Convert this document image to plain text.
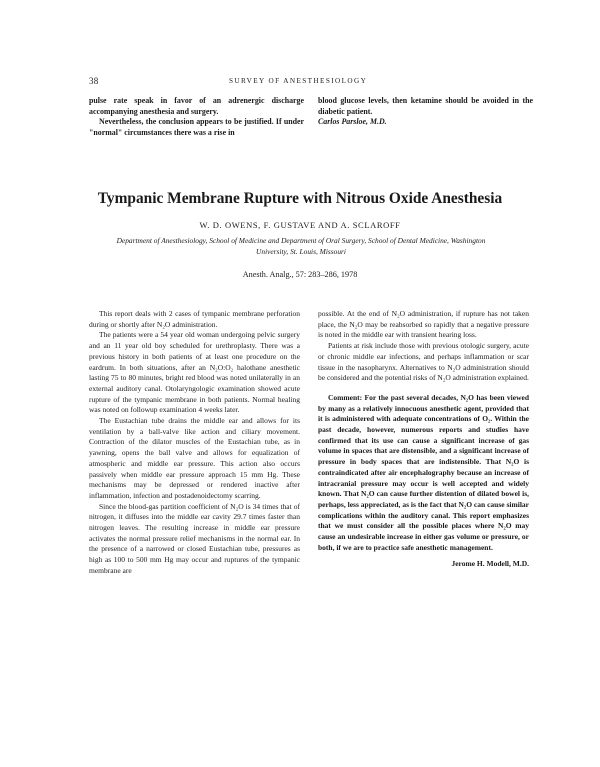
38	SURVEY OF ANESTHESIOLOGY

pulse rate speak in favor of an adrenergic discharge accompanying anesthesia and surgery.

Nevertheless, the conclusion appears to be justified. If under "normal" circumstances there was a rise in

blood glucose levels, then ketamine should be avoided in the diabetic patient.

Carlos Parsloe, M.D.

Tympanic Membrane Rupture with Nitrous Oxide Anesthesia
W. D. OWENS, F. GUSTAVE AND A. SCLAROFF
Department of Anesthesiology, School of Medicine and Department of Oral Surgery, School of Dental Medicine, Washington University, St. Louis, Missouri
Anesth. Analg., 57: 283–286, 1978

This report deals with 2 cases of tympanic membrane perforation during or shortly after N₂O administration.

The patients were a 54 year old woman undergoing pelvic surgery and an 11 year old boy scheduled for urethroplasty. There was a previous history in both patients of at least one procedure on the eardrum. In both situations, after an N₂O:O₂ halothane anesthetic lasting 75 to 80 minutes, bright red blood was noted unilaterally in an external auditory canal. Otolaryngologic examination showed acute rupture of the tympanic membrane in both patients. Normal healing was noted on followup examination 4 weeks later.

The Eustachian tube drains the middle ear and allows for its ventilation by a ball-valve like action and ciliary movement. Contraction of the dilator muscles of the Eustachian tube, as in yawning, opens the ball valve and allows for equalization of atmospheric and middle ear pressure. This action also occurs passively when middle ear pressure approach 15 mm Hg. These mechanisms may be depressed or rendered inactive after inflammation, infection and postadenoidectomy scarring.

Since the blood-gas partition coefficient of N₂O is 34 times that of nitrogen, it diffuses into the middle ear cavity 29.7 times faster than nitrogen leaves. The resulting increase in middle ear pressure activates the normal pressure relief mechanisms in the normal ear. In the presence of a narrowed or closed Eustachian tube, pressures as high as 100 to 500 mm Hg may occur and ruptures of the tympanic membrane are

possible. At the end of N₂O administration, if rupture has not taken place, the N₂O may be reabsorbed so rapidly that a negative pressure is noted in the middle ear with transient hearing loss.

Patients at risk include those with previous otologic surgery, acute or chronic middle ear infections, and perhaps inflammation or scar tissue in the nasopharynx. Alternatives to N₂O administration should be considered and the potential risks of N₂O administration explained.

Comment: For the past several decades, N₂O has been viewed by many as a relatively innocuous anesthetic agent, provided that it is administered with adequate concentrations of O₂. Within the past decade, however, numerous reports and studies have confirmed that its use can cause a significant increase of gas volume in spaces that are distensible, and a significant increase of pressure in body spaces that are indistensible. That N₂O is contraindicated after air encephalography because an increase of intracranial pressure may occur is well accepted and widely known. That N₂O can cause further distention of dilated bowel is, perhaps, less appreciated, as is the fact that N₂O can cause similar complications within the auditory canal. This report emphasizes that we must consider all the possible places where N₂O may cause an undesirable increase in either gas volume or pressure, or both, if we are to practice safe anesthetic management.

Jerome H. Modell, M.D.
